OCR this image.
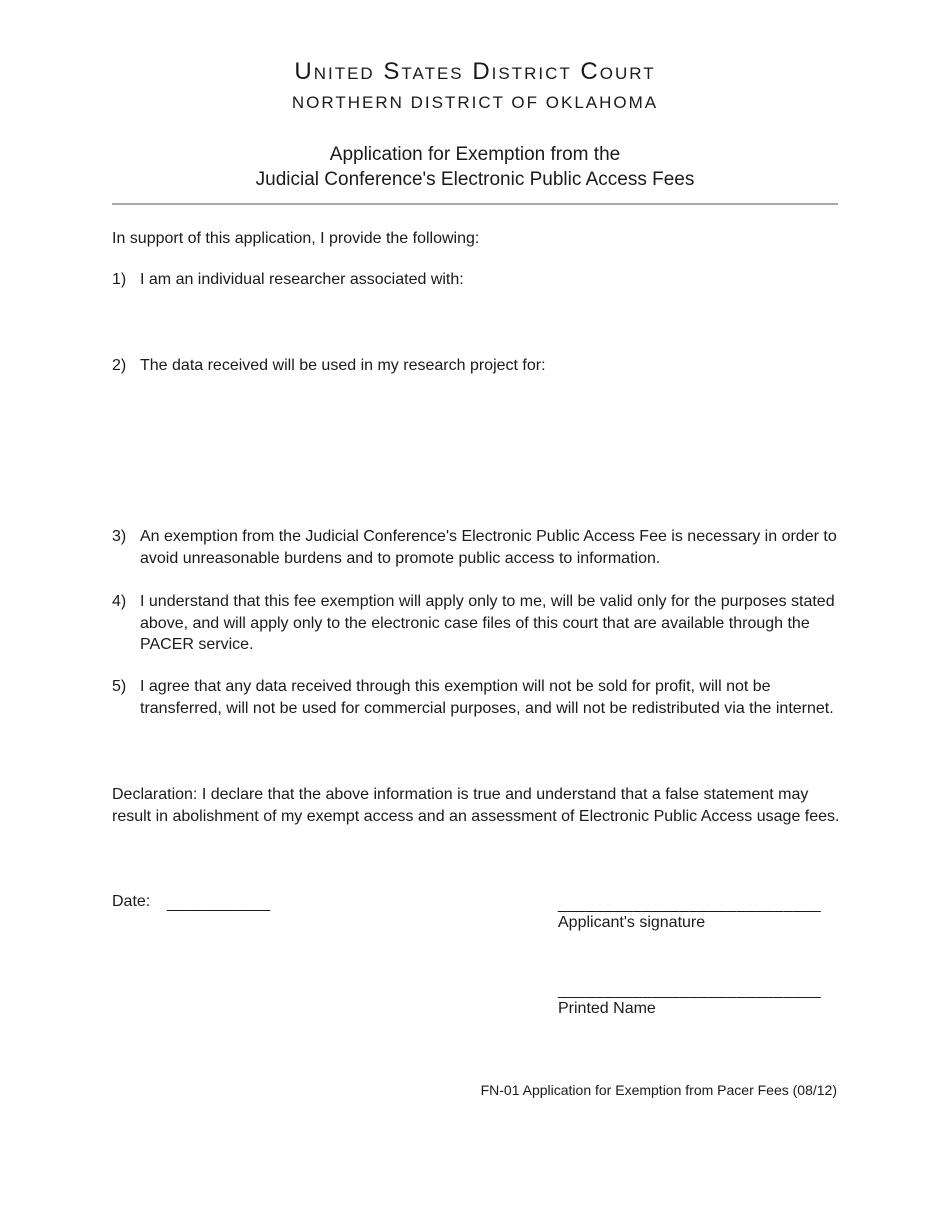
United States District Court
NORTHERN DISTRICT OF OKLAHOMA
Application for Exemption from the
Judicial Conference's Electronic Public Access Fees
In support of this application, I provide the following:
1) I am an individual researcher associated with:
2) The data received will be used in my research project for:
3) An exemption from the Judicial Conference's Electronic Public Access Fee is necessary in order to avoid unreasonable burdens and to promote public access to information.
4) I understand that this fee exemption will apply only to me, will be valid only for the purposes stated above, and will apply only to the electronic case files of this court that are available through the PACER service.
5) I agree that any data received through this exemption will not be sold for profit, will not be transferred, will not be used for commercial purposes, and will not be redistributed via the internet.
Declaration: I declare that the above information is true and understand that a false statement may result in abolishment of my exempt access and an assessment of Electronic Public Access usage fees.
Date: ___________	____________________________
Applicant's signature
____________________________
Printed Name
FN-01 Application for Exemption from Pacer Fees (08/12)
